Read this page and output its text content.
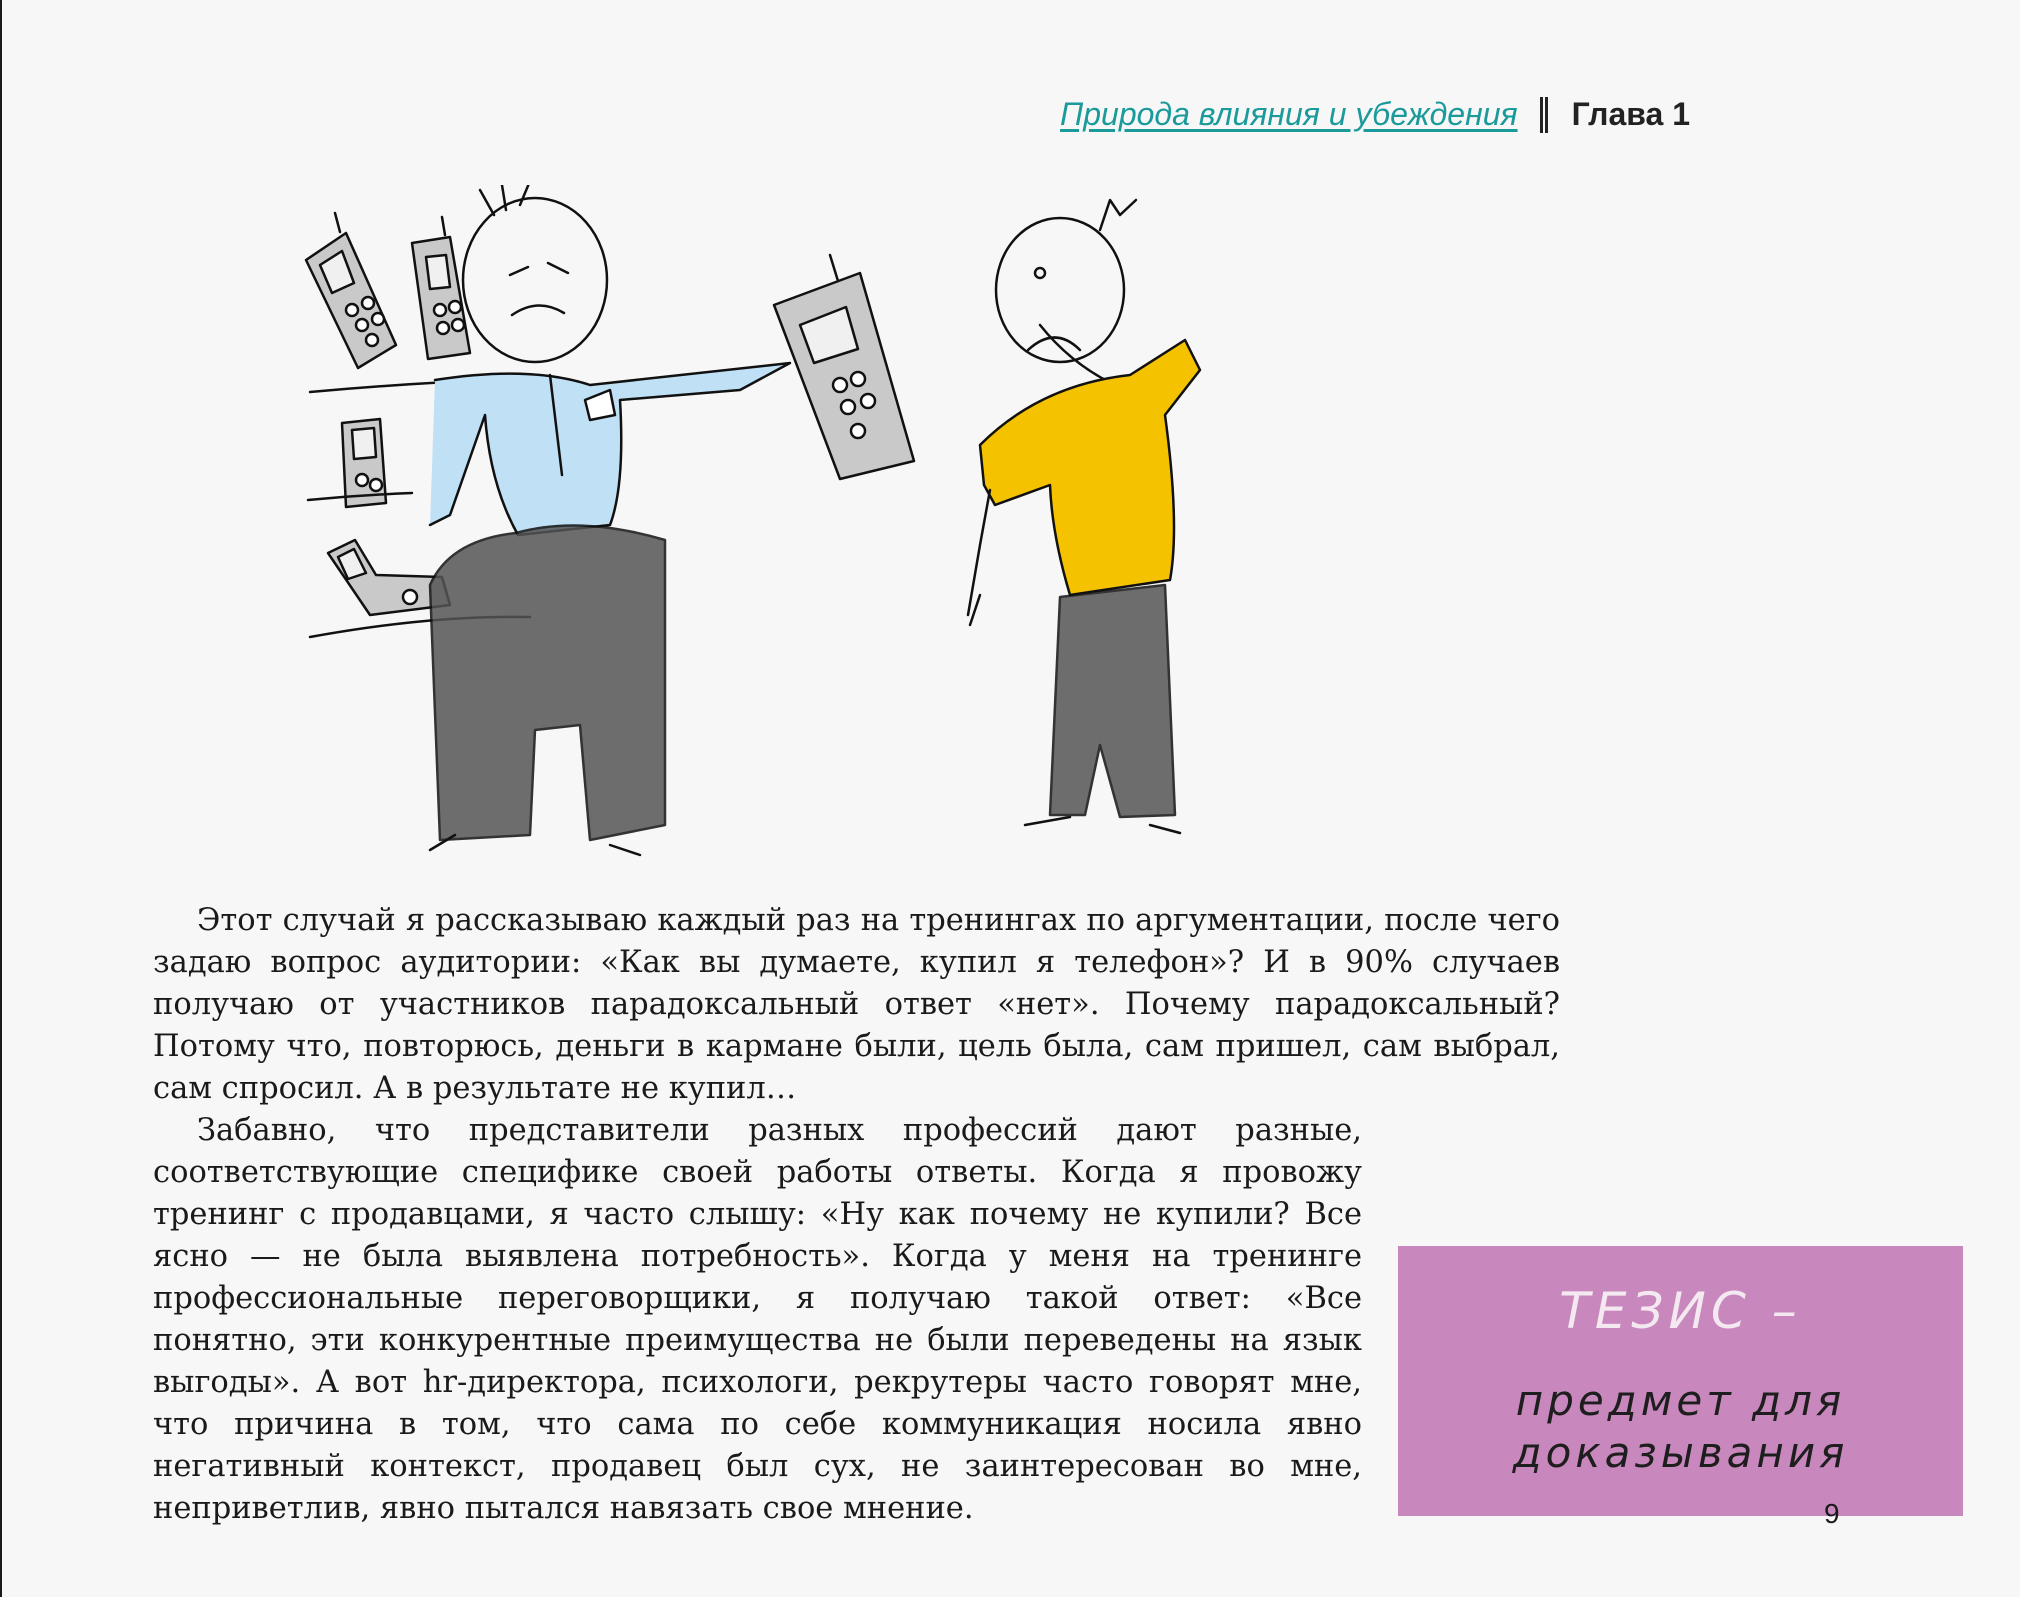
Природа влияния и убеждения Глава 1

Этот случай я рассказываю каждый раз на тренингах по аргументации, после чего задаю вопрос аудитории: «Как вы думаете, купил я телефон»? И в 90% случаев получаю от участников парадоксальный ответ «нет». Почему парадоксальный? Потому что, повторюсь, деньги в кармане были, цель была, сам пришел, сам выбрал, сам спросил. А в результате не купил…

ТЕЗИС –
предмет для
доказывания

Забавно, что представители разных профессий дают разные, соответствующие специфике своей работы ответы. Когда я провожу тренинг с продавцами, я часто слышу: «Ну как почему не купили? Все ясно — не была выявлена потребность». Когда у меня на тренинге профессиональные переговорщики, я получаю такой ответ: «Все понятно, эти конкурентные преимущества не были переведены на язык выгоды». А вот hr-директора, психологи, рекрутеры часто говорят мне, что причина в том, что сама по себе коммуникация носила явно негативный контекст, продавец был сух, не заинтересован во мне, неприветлив, явно пытался навязать свое мнение.	9
